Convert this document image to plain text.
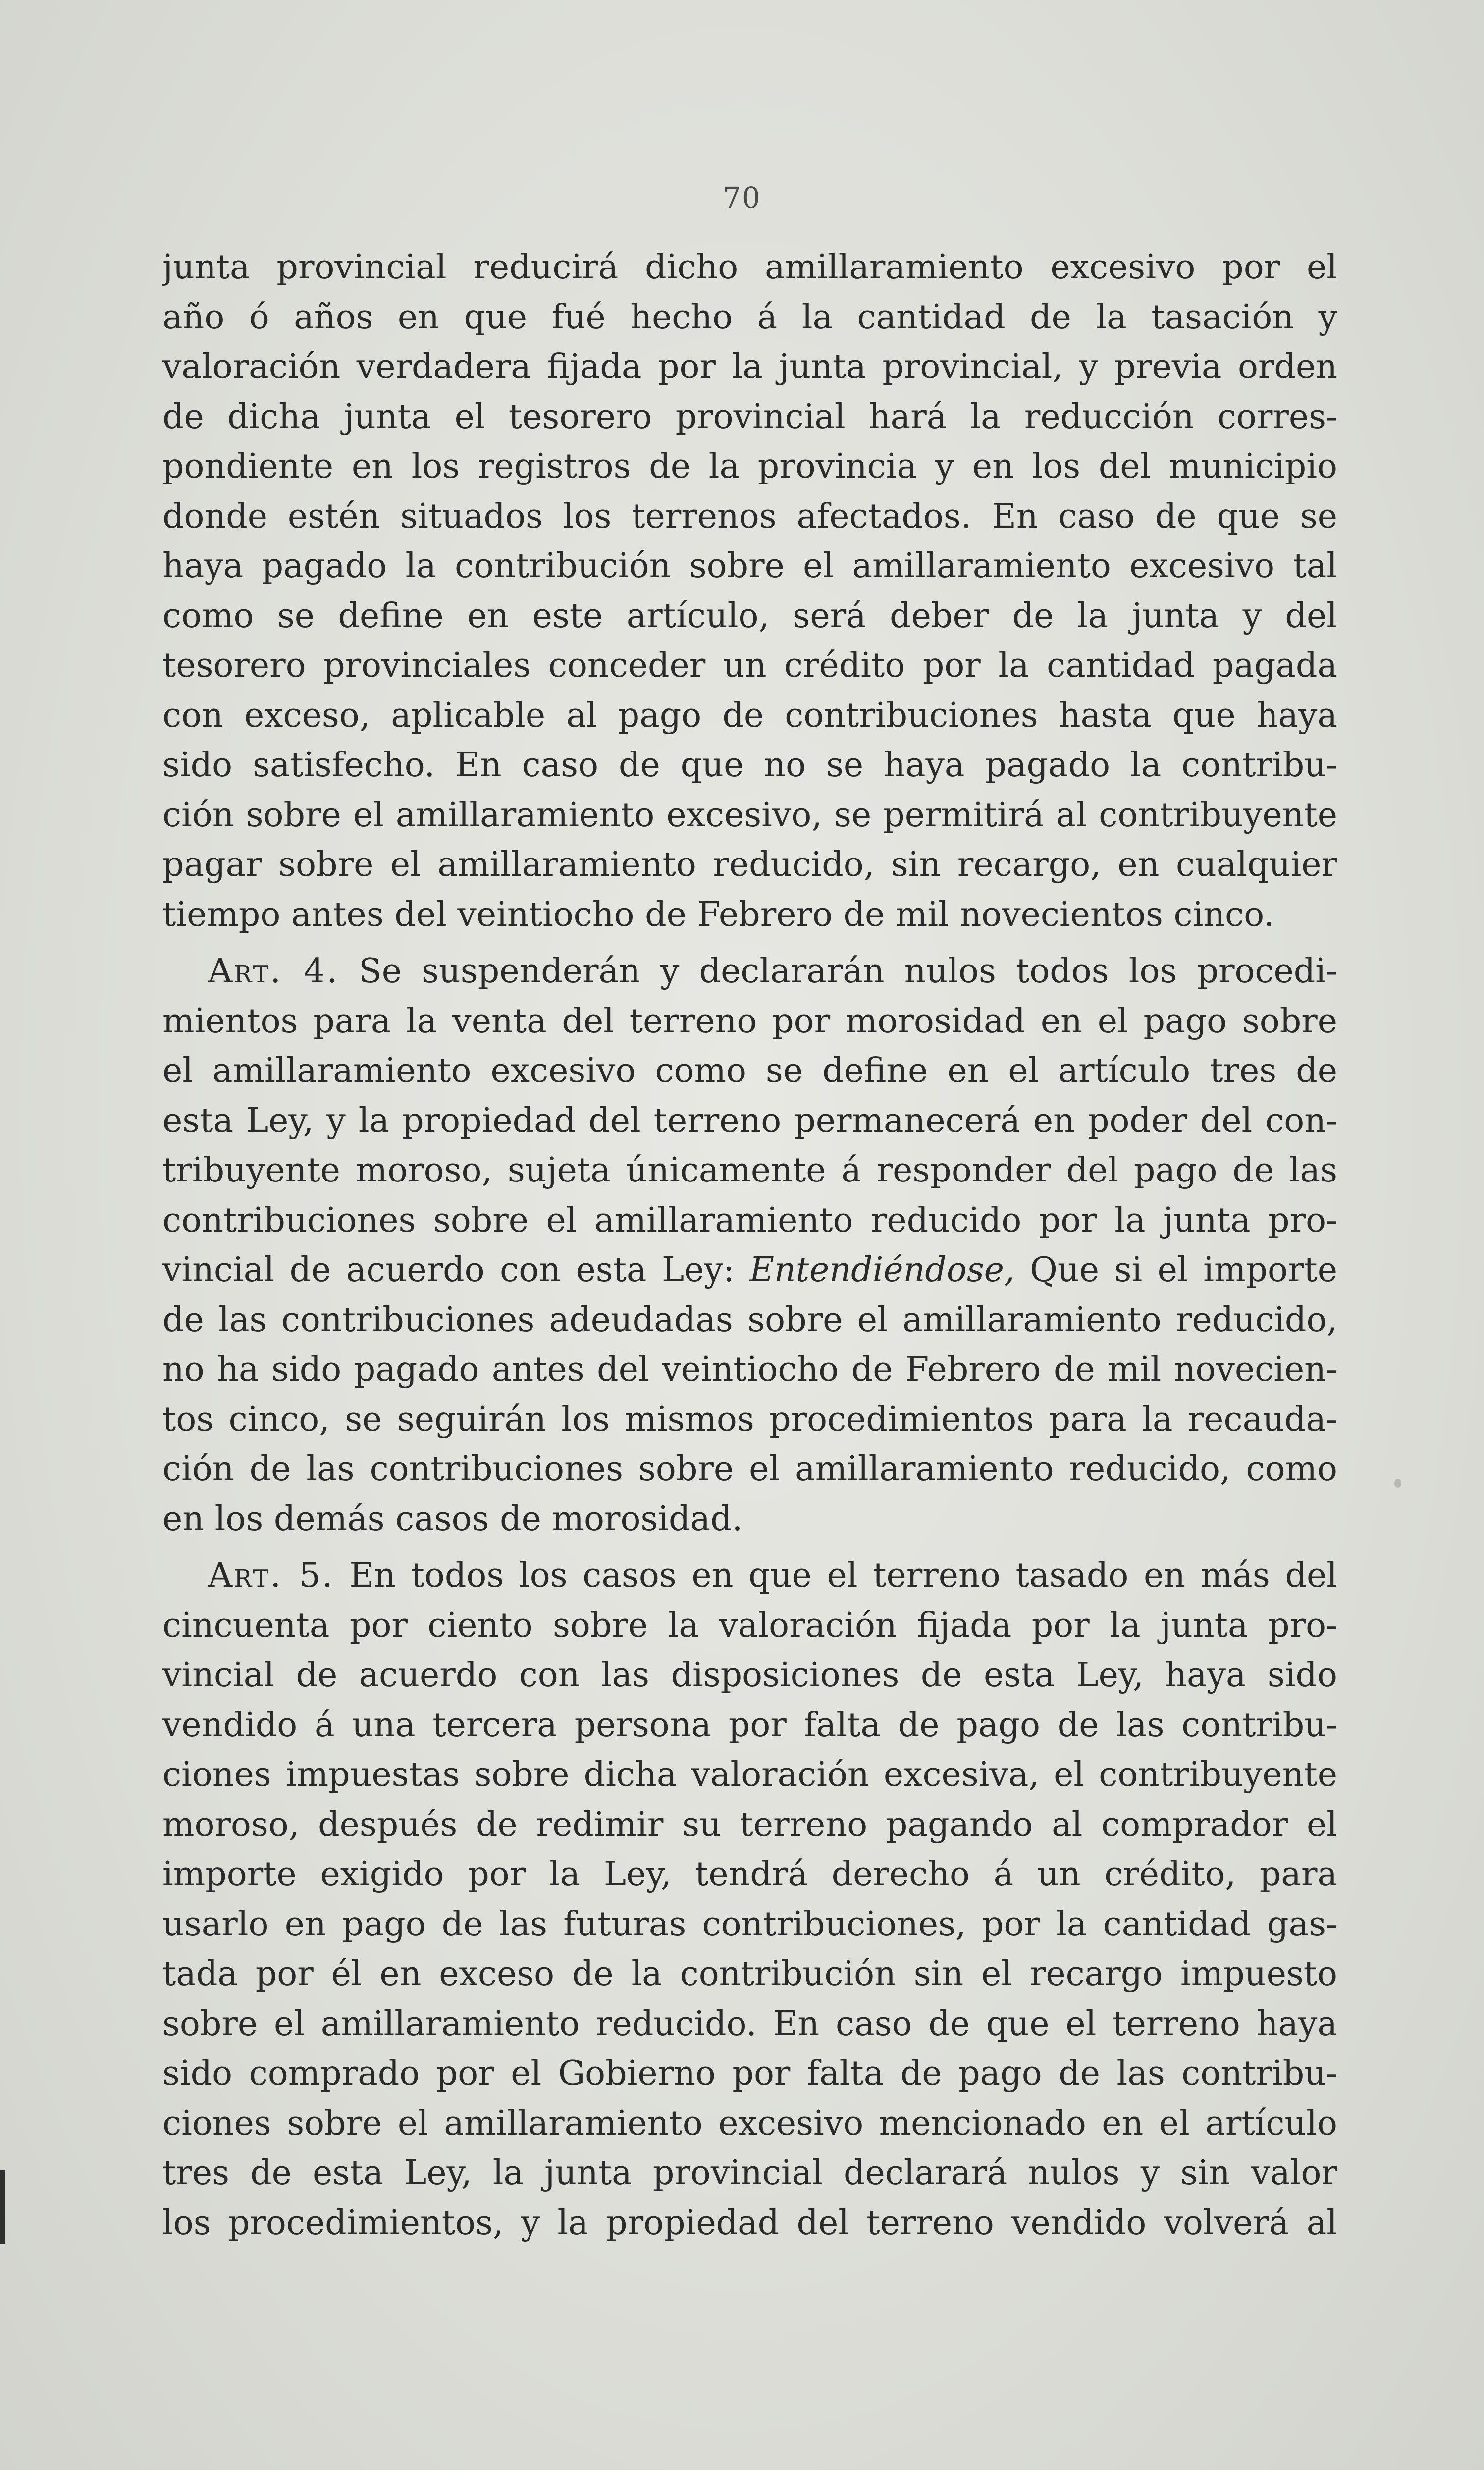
70
junta provincial reducirá dicho amillaramiento excesivo por el
año ó años en que fué hecho á la cantidad de la tasación y
valoración verdadera fijada por la junta provincial, y previa orden
de dicha junta el tesorero provincial hará la reducción corres-
pondiente en los registros de la provincia y en los del municipio
donde estén situados los terrenos afectados. En caso de que se
haya pagado la contribución sobre el amillaramiento excesivo tal
como se define en este artículo, será deber de la junta y del
tesorero provinciales conceder un crédito por la cantidad pagada
con exceso, aplicable al pago de contribuciones hasta que haya
sido satisfecho. En caso de que no se haya pagado la contribu-
ción sobre el amillaramiento excesivo, se permitirá al contribuyente
pagar sobre el amillaramiento reducido, sin recargo, en cualquier
tiempo antes del veintiocho de Febrero de mil novecientos cinco.
Art. 4. Se suspenderán y declararán nulos todos los procedi-
mientos para la venta del terreno por morosidad en el pago sobre
el amillaramiento excesivo como se define en el artículo tres de
esta Ley, y la propiedad del terreno permanecerá en poder del con-
tribuyente moroso, sujeta únicamente á responder del pago de las
contribuciones sobre el amillaramiento reducido por la junta pro-
vincial de acuerdo con esta Ley: Entendiéndose, Que si el importe
de las contribuciones adeudadas sobre el amillaramiento reducido,
no ha sido pagado antes del veintiocho de Febrero de mil novecien-
tos cinco, se seguirán los mismos procedimientos para la recauda-
ción de las contribuciones sobre el amillaramiento reducido, como
en los demás casos de morosidad.
Art. 5. En todos los casos en que el terreno tasado en más del
cincuenta por ciento sobre la valoración fijada por la junta pro-
vincial de acuerdo con las disposiciones de esta Ley, haya sido
vendido á una tercera persona por falta de pago de las contribu-
ciones impuestas sobre dicha valoración excesiva, el contribuyente
moroso, después de redimir su terreno pagando al comprador el
importe exigido por la Ley, tendrá derecho á un crédito, para
usarlo en pago de las futuras contribuciones, por la cantidad gas-
tada por él en exceso de la contribución sin el recargo impuesto
sobre el amillaramiento reducido. En caso de que el terreno haya
sido comprado por el Gobierno por falta de pago de las contribu-
ciones sobre el amillaramiento excesivo mencionado en el artículo
tres de esta Ley, la junta provincial declarará nulos y sin valor
los procedimientos, y la propiedad del terreno vendido volverá al
